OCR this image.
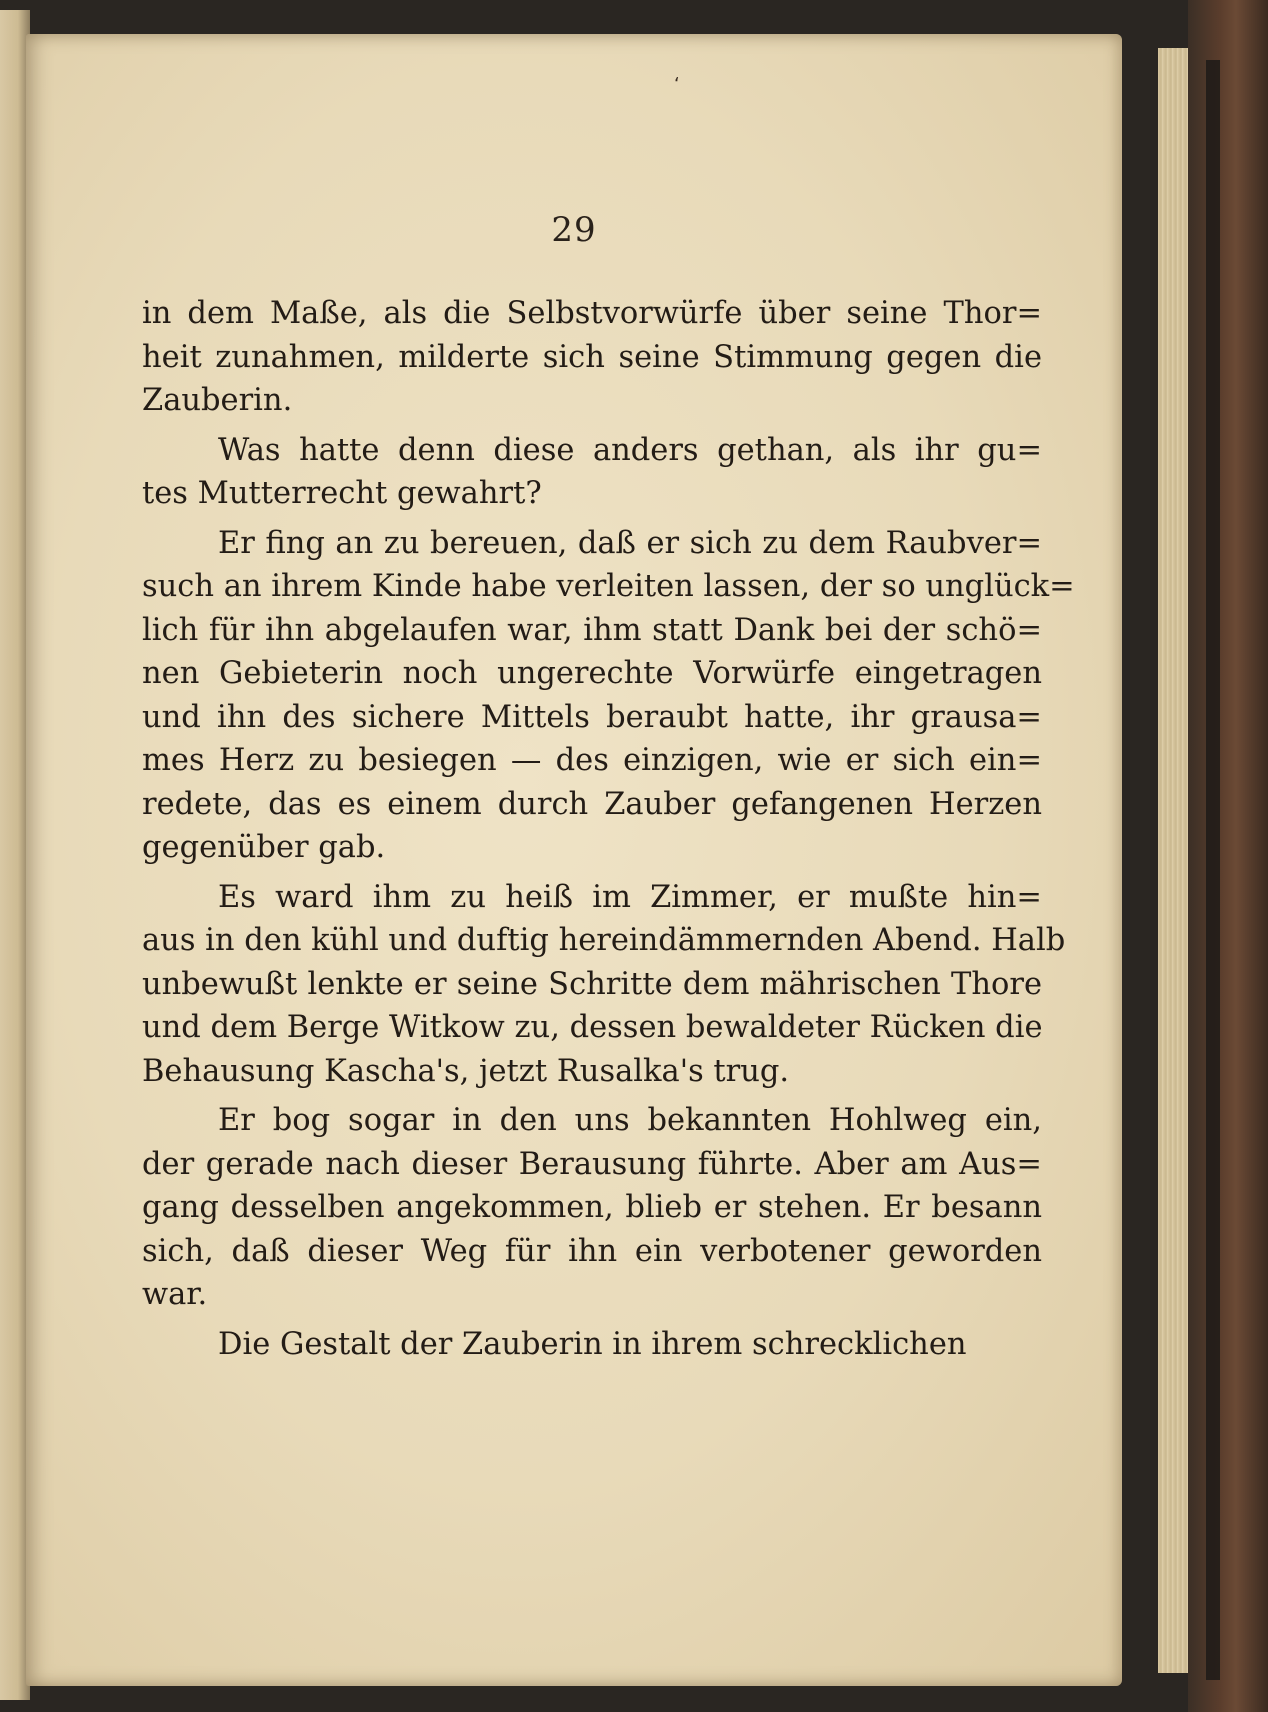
29
in dem Maße, als die Selbstvorwürfe über seine Thor=
heit zunahmen, milderte sich seine Stimmung gegen die
Zauberin.
Was hatte denn diese anders gethan, als ihr gu=
tes Mutterrecht gewahrt?
Er fing an zu bereuen, daß er sich zu dem Raubver=
such an ihrem Kinde habe verleiten lassen, der so unglück=
lich für ihn abgelaufen war, ihm statt Dank bei der schö=
nen Gebieterin noch ungerechte Vorwürfe eingetragen
und ihn des sichere Mittels beraubt hatte, ihr grausa=
mes Herz zu besiegen — des einzigen, wie er sich ein=
redete, das es einem durch Zauber gefangenen Herzen
gegenüber gab.
Es ward ihm zu heiß im Zimmer, er mußte hin=
aus in den kühl und duftig hereindämmernden Abend. Halb
unbewußt lenkte er seine Schritte dem mährischen Thore
und dem Berge Witkow zu, dessen bewaldeter Rücken die
Behausung Kascha's, jetzt Rusalka's trug.
Er bog sogar in den uns bekannten Hohlweg ein,
der gerade nach dieser Berausung führte. Aber am Aus=
gang desselben angekommen, blieb er stehen. Er besann
sich, daß dieser Weg für ihn ein verbotener geworden
war.
Die Gestalt der Zauberin in ihrem schrecklichen
‘
